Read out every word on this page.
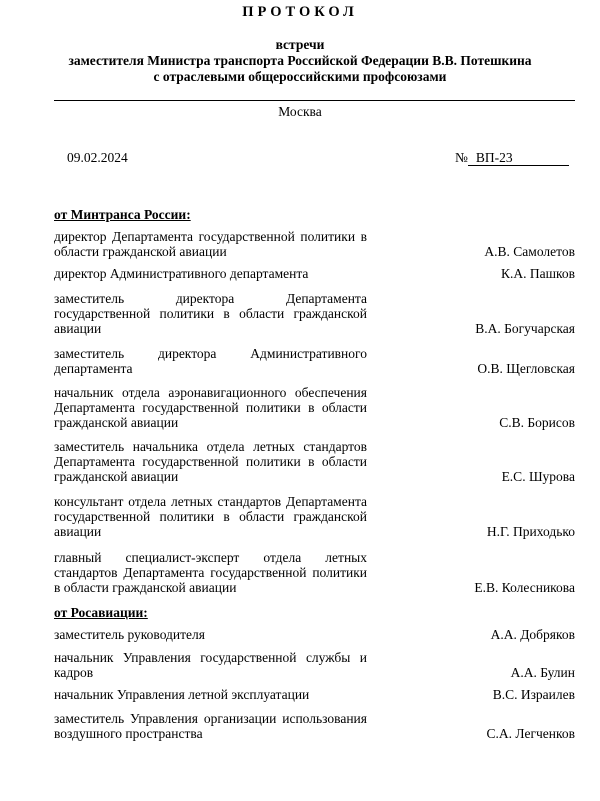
ПРОТОКОЛ
встречи
заместителя Министра транспорта Российской Федерации В.В. Потешкина
с отраслевыми общероссийскими профсоюзами
Москва
09.02.2024	№ ВП-23
от Минтранса России:
директор Департамента государственной политики в области гражданской авиации	А.В. Самолетов
директор Административного департамента	К.А. Пашков
заместитель директора Департамента государственной политики в области гражданской авиации	В.А. Богучарская
заместитель директора Административного департамента	О.В. Щегловская
начальник отдела аэронавигационного обеспечения Департамента государственной политики в области гражданской авиации	С.В. Борисов
заместитель начальника отдела летных стандартов Департамента государственной политики в области гражданской авиации	Е.С. Шурова
консультант отдела летных стандартов Департамента государственной политики в области гражданской авиации	Н.Г. Приходько
главный специалист-эксперт отдела летных стандартов Департамента государственной политики в области гражданской авиации	Е.В. Колесникова
от Росавиации:
заместитель руководителя	А.А. Добряков
начальник Управления государственной службы и кадров	А.А. Булин
начальник Управления летной эксплуатации	В.С. Израилев
заместитель Управления организации использования воздушного пространства	С.А. Легченков
